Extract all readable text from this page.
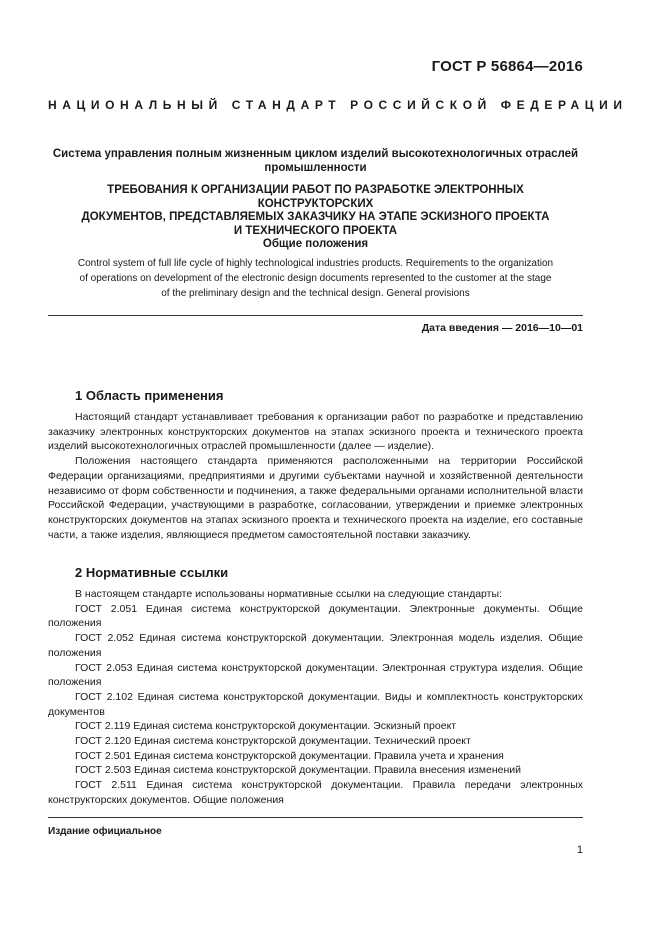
ГОСТ Р 56864—2016
НАЦИОНАЛЬНЫЙ СТАНДАРТ РОССИЙСКОЙ ФЕДЕРАЦИИ
Система управления полным жизненным циклом изделий высокотехнологичных отраслей
промышленности
ТРЕБОВАНИЯ К ОРГАНИЗАЦИИ РАБОТ ПО РАЗРАБОТКЕ ЭЛЕКТРОННЫХ КОНСТРУКТОРСКИХ
ДОКУМЕНТОВ, ПРЕДСТАВЛЯЕМЫХ ЗАКАЗЧИКУ НА ЭТАПЕ ЭСКИЗНОГО ПРОЕКТА
И ТЕХНИЧЕСКОГО ПРОЕКТА
Общие положения
Control system of full life cycle of highly technological industries products. Requirements to the organization
of operations on development of the electronic design documents represented to the customer at the stage
of the preliminary design and the technical design. General provisions
Дата введения — 2016—10—01
1 Область применения

Настоящий стандарт устанавливает требования к организации работ по разработке и представлению заказчику электронных конструкторских документов на этапах эскизного проекта и технического проекта изделий высокотехнологичных отраслей промышленности (далее — изделие).

Положения настоящего стандарта применяются расположенными на территории Российской Федерации организациями, предприятиями и другими субъектами научной и хозяйственной деятельности независимо от форм собственности и подчинения, а также федеральными органами исполнительной власти Российской Федерации, участвующими в разработке, согласовании, утверждении и приемке электронных конструкторских документов на этапах эскизного проекта и технического проекта на изделие, его составные части, а также изделия, являющиеся предметом самостоятельной поставки заказчику.

2 Нормативные ссылки

В настоящем стандарте использованы нормативные ссылки на следующие стандарты:

ГОСТ 2.051 Единая система конструкторской документации. Электронные документы. Общие положения

ГОСТ 2.052 Единая система конструкторской документации. Электронная модель изделия. Общие положения

ГОСТ 2.053 Единая система конструкторской документации. Электронная структура изделия. Общие положения

ГОСТ 2.102 Единая система конструкторской документации. Виды и комплектность конструкторских документов

ГОСТ 2.119 Единая система конструкторской документации. Эскизный проект

ГОСТ 2.120 Единая система конструкторской документации. Технический проект

ГОСТ 2.501 Единая система конструкторской документации. Правила учета и хранения

ГОСТ 2.503 Единая система конструкторской документации. Правила внесения изменений

ГОСТ 2.511 Единая система конструкторской документации. Правила передачи электронных конструкторских документов. Общие положения

Издание официальное
1
